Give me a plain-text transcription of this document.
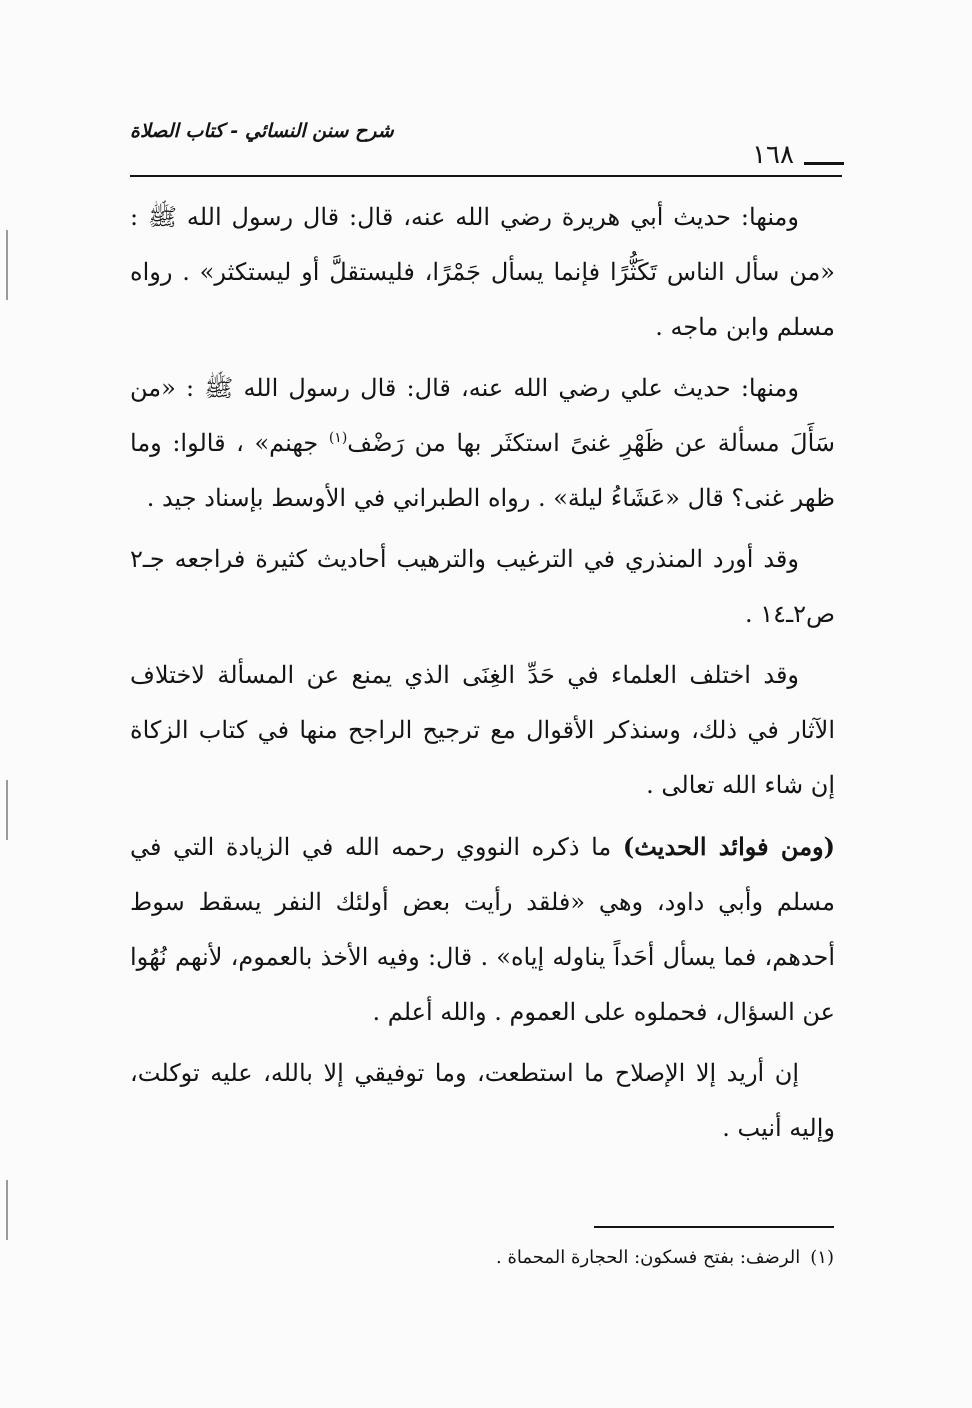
شرح سنن النسائي - كتاب الصلاة
١٦٨

ومنها: حديث أبي هريرة رضي الله عنه، قال: قال رسول الله ﷺ : «من سأل الناس تَكَثُّرًا فإنما يسأل جَمْرًا، فليستقلَّ أو ليستكثر» . رواه مسلم وابن ماجه .

ومنها: حديث علي رضي الله عنه، قال: قال رسول الله ﷺ : «من سَأَلَ مسألة عن ظَهْرِ غنىً استكثَر بها من رَضْف$^{(١)}$ جهنم» ، قالوا: وما ظهر غنى؟ قال «عَشَاءُ ليلة» . رواه الطبراني في الأوسط بإسناد جيد .

وقد أورد المنذري في الترغيب والترهيب أحاديث كثيرة فراجعه جـ٢ ص٢ـ١٤ .

وقد اختلف العلماء في حَدِّ الغِنَى الذي يمنع عن المسألة لاختلاف الآثار في ذلك، وسنذكر الأقوال مع ترجيح الراجح منها في كتاب الزكاة إن شاء الله تعالى .

(ومن فوائد الحديث) ما ذكره النووي رحمه الله في الزيادة التي في مسلم وأبي داود، وهي «فلقد رأيت بعض أولئك النفر يسقط سوط أحدهم، فما يسأل أحَداً يناوله إياه» . قال: وفيه الأخذ بالعموم، لأنهم نُهُوا عن السؤال، فحملوه على العموم . والله أعلم .

إن أريد إلا الإصلاح ما استطعت، وما توفيقي إلا بالله، عليه توكلت، وإليه أنيب .

(١)الرضف: بفتح فسكون: الحجارة المحماة .
